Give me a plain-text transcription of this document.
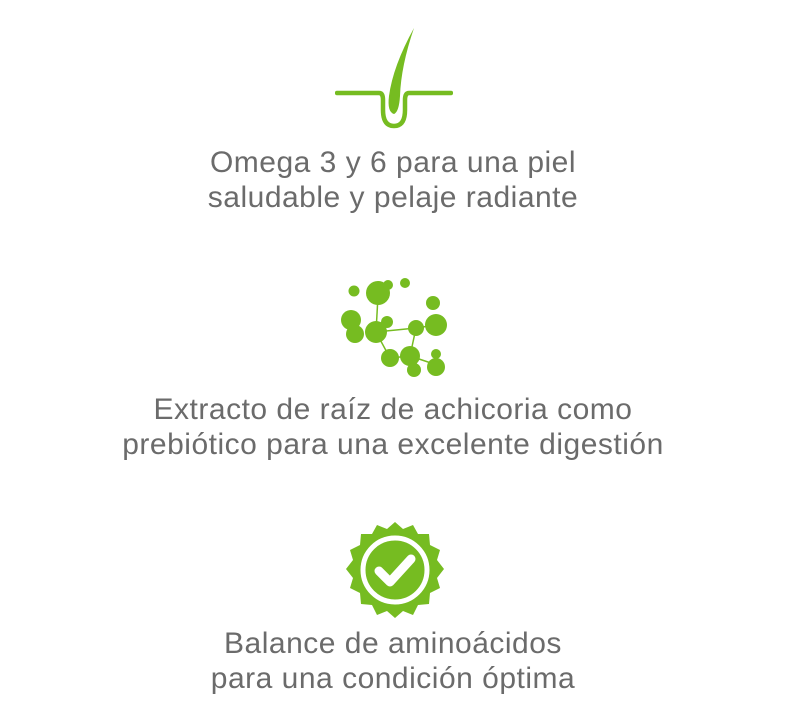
Omega 3 y 6 para una piel
saludable y pelaje radiante
Extracto de raíz de achicoria como
prebiótico para una excelente digestión
Balance de aminoácidos
para una condición óptima
